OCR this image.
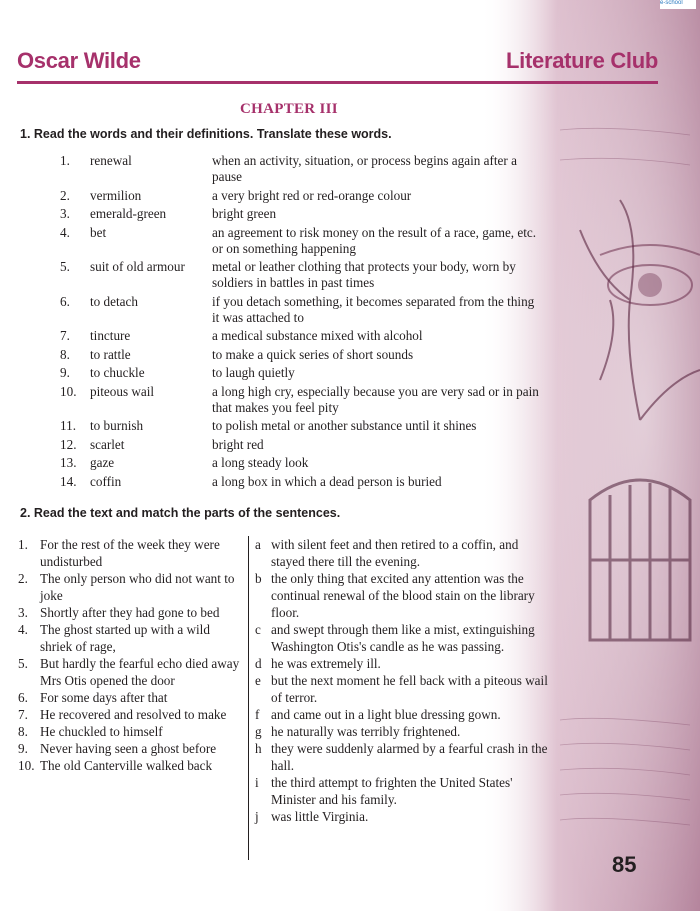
e-school
Oscar Wilde	Literature Club
CHAPTER III
1. Read the words and their definitions. Translate these words.
1.	renewal	when an activity, situation, or process begins again after a pause
2.	vermilion	a very bright red or red-orange colour
3.	emerald-green	bright green
4.	bet	an agreement to risk money on the result of a race, game, etc. or on something happening
5.	suit of old armour	metal or leather clothing that protects your body, worn by soldiers in battles in past times
6.	to detach	if you detach something, it becomes separated from the thing it was attached to
7.	tincture	a medical substance mixed with alcohol
8.	to rattle	to make a quick series of short sounds
9.	to chuckle	to laugh quietly
10.	piteous wail	a long high cry, especially because you are very sad or in pain that makes you feel pity
11.	to burnish	to polish metal or another substance until it shines
12.	scarlet	bright red
13.	gaze	a long steady look
14.	coffin	a long box in which a dead person is buried
2. Read the text and match the parts of the sentences.
1. For the rest of the week they were undisturbed
2. The only person who did not want to joke
3. Shortly after they had gone to bed
4. The ghost started up with a wild shriek of rage,
5. But hardly the fearful echo died away Mrs Otis opened the door
6. For some days after that
7. He recovered and resolved to make
8. He chuckled to himself
9. Never having seen a ghost before
10. The old Canterville walked back
a with silent feet and then retired to a coffin, and stayed there till the evening.
b the only thing that excited any attention was the continual renewal of the blood stain on the library floor.
c and swept through them like a mist, extinguishing Washington Otis's candle as he was passing.
d he was extremely ill.
e but the next moment he fell back with a piteous wail of terror.
f and came out in a light blue dressing gown.
g he naturally was terribly frightened.
h they were suddenly alarmed by a fearful crash in the hall.
i the third attempt to frighten the United States' Minister and his family.
j was little Virginia.
85
